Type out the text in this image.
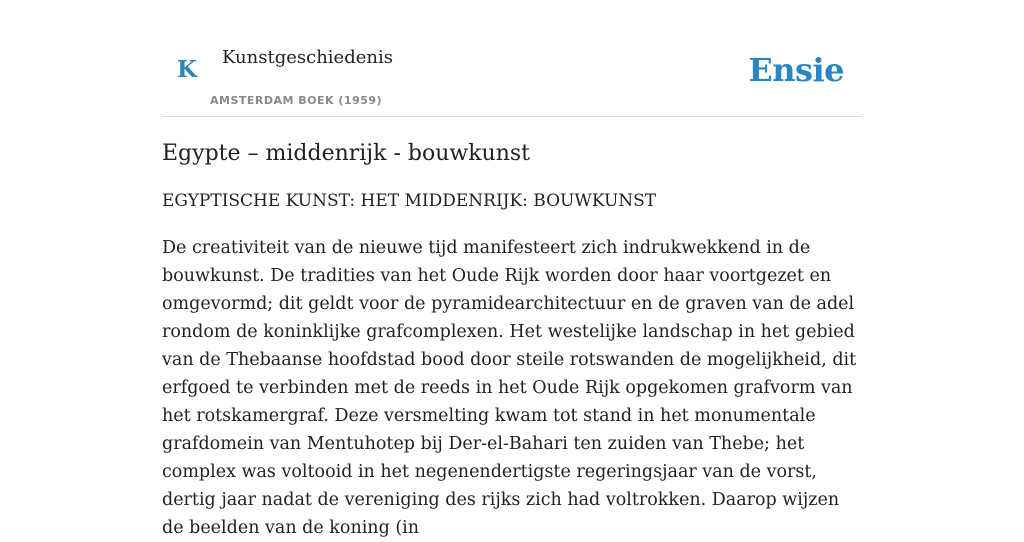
K Kunstgeschiedenis
AMSTERDAM BOEK (1959)
Ensie
Egypte – middenrijk - bouwkunst

EGYPTISCHE KUNST: HET MIDDENRIJK: BOUWKUNST

De creativiteit van de nieuwe tijd manifesteert zich indrukwekkend in de bouwkunst. De tradities van het Oude Rijk worden door haar voortgezet en omgevormd; dit geldt voor de pyramidearchitectuur en de graven van de adel rondom de koninklijke grafcomplexen. Het westelijke landschap in het gebied van de Thebaanse hoofdstad bood door steile rotswanden de mogelijkheid, dit erfgoed te verbinden met de reeds in het Oude Rijk opgekomen grafvorm van het rotskamergraf. Deze versmelting kwam tot stand in het monumentale grafdomein van Mentuhotep bij Der-el-Bahari ten zuiden van Thebe; het complex was voltooid in het negenendertigste regeringsjaar van de vorst, dertig jaar nadat de vereniging des rijks zich had voltrokken. Daarop wijzen de beelden van de koning (in
